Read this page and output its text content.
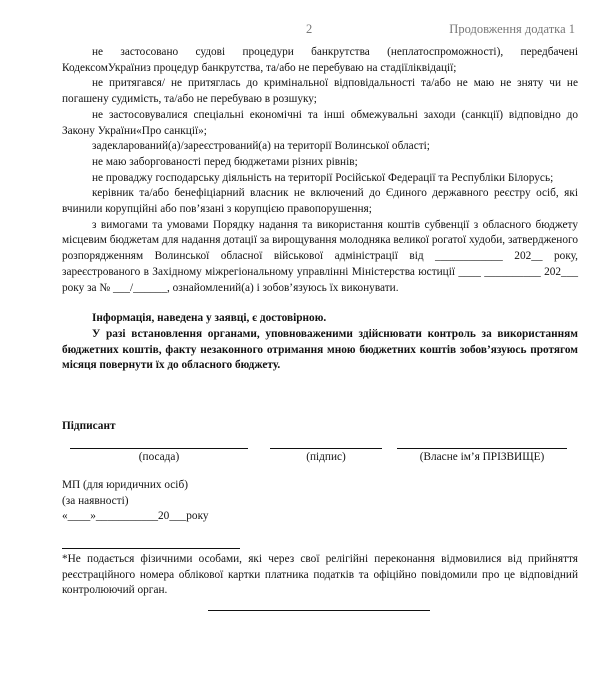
2	Продовження додатка 1

не застосовано судові процедури банкрутства (неплатоспроможності), передбачені КодексомУкраїниз процедур банкрутства, та/або не перебуваю на стадіїліквідації;

не притягався/ не притяглась до кримінальної відповідальності та/або не маю не зняту чи не погашену судимість, та/або не перебуваю в розшуку;

не застосовувалися спеціальні економічні та інші обмежувальні заходи (санкції) відповідно до Закону України«Про санкції»;

задекларований(а)/зареєстрований(а) на території Волинської області;

не маю заборгованості перед бюджетами різних рівнів;

не проваджу господарську діяльність на території Російської Федерації та Республіки Білорусь;

керівник та/або бенефіціарний власник не включений до Єдиного державного реєстру осіб, які вчинили корупційні або пов’язані з корупцією правопорушення;

з вимогами та умовами Порядку надання та використання коштів субвенції з обласного бюджету місцевим бюджетам для надання дотації за вирощування молодняка великої рогатої худоби, затвердженого розпорядженням Волинської обласної військової адміністрації від ____________ 202__ року, зареєстрованого в Західному міжрегіональному управлінні Міністерства юстиції ____ __________ 202___ року за № ___/______, ознайомлений(а) і зобов’язуюсь їх виконувати.

Інформація, наведена у заявці, є достовірною.

У разі встановлення органами, уповноваженими здійснювати контроль за використанням бюджетних коштів, факту незаконного отримання мною бюджетних коштів зобов’язуюсь протягом місяця повернути їх до обласного бюджету.

Підписант
(посада)	(підпис)	(Власне ім’я ПРІЗВИЩЕ)
МП (для юридичних осіб)
(за наявності)
«____»___________20___року
*Не подається фізичними особами, які через свої релігійні переконання відмовилися від прийняття реєстраційного номера облікової картки платника податків та офіційно повідомили про це відповідний контролюючий орган.
